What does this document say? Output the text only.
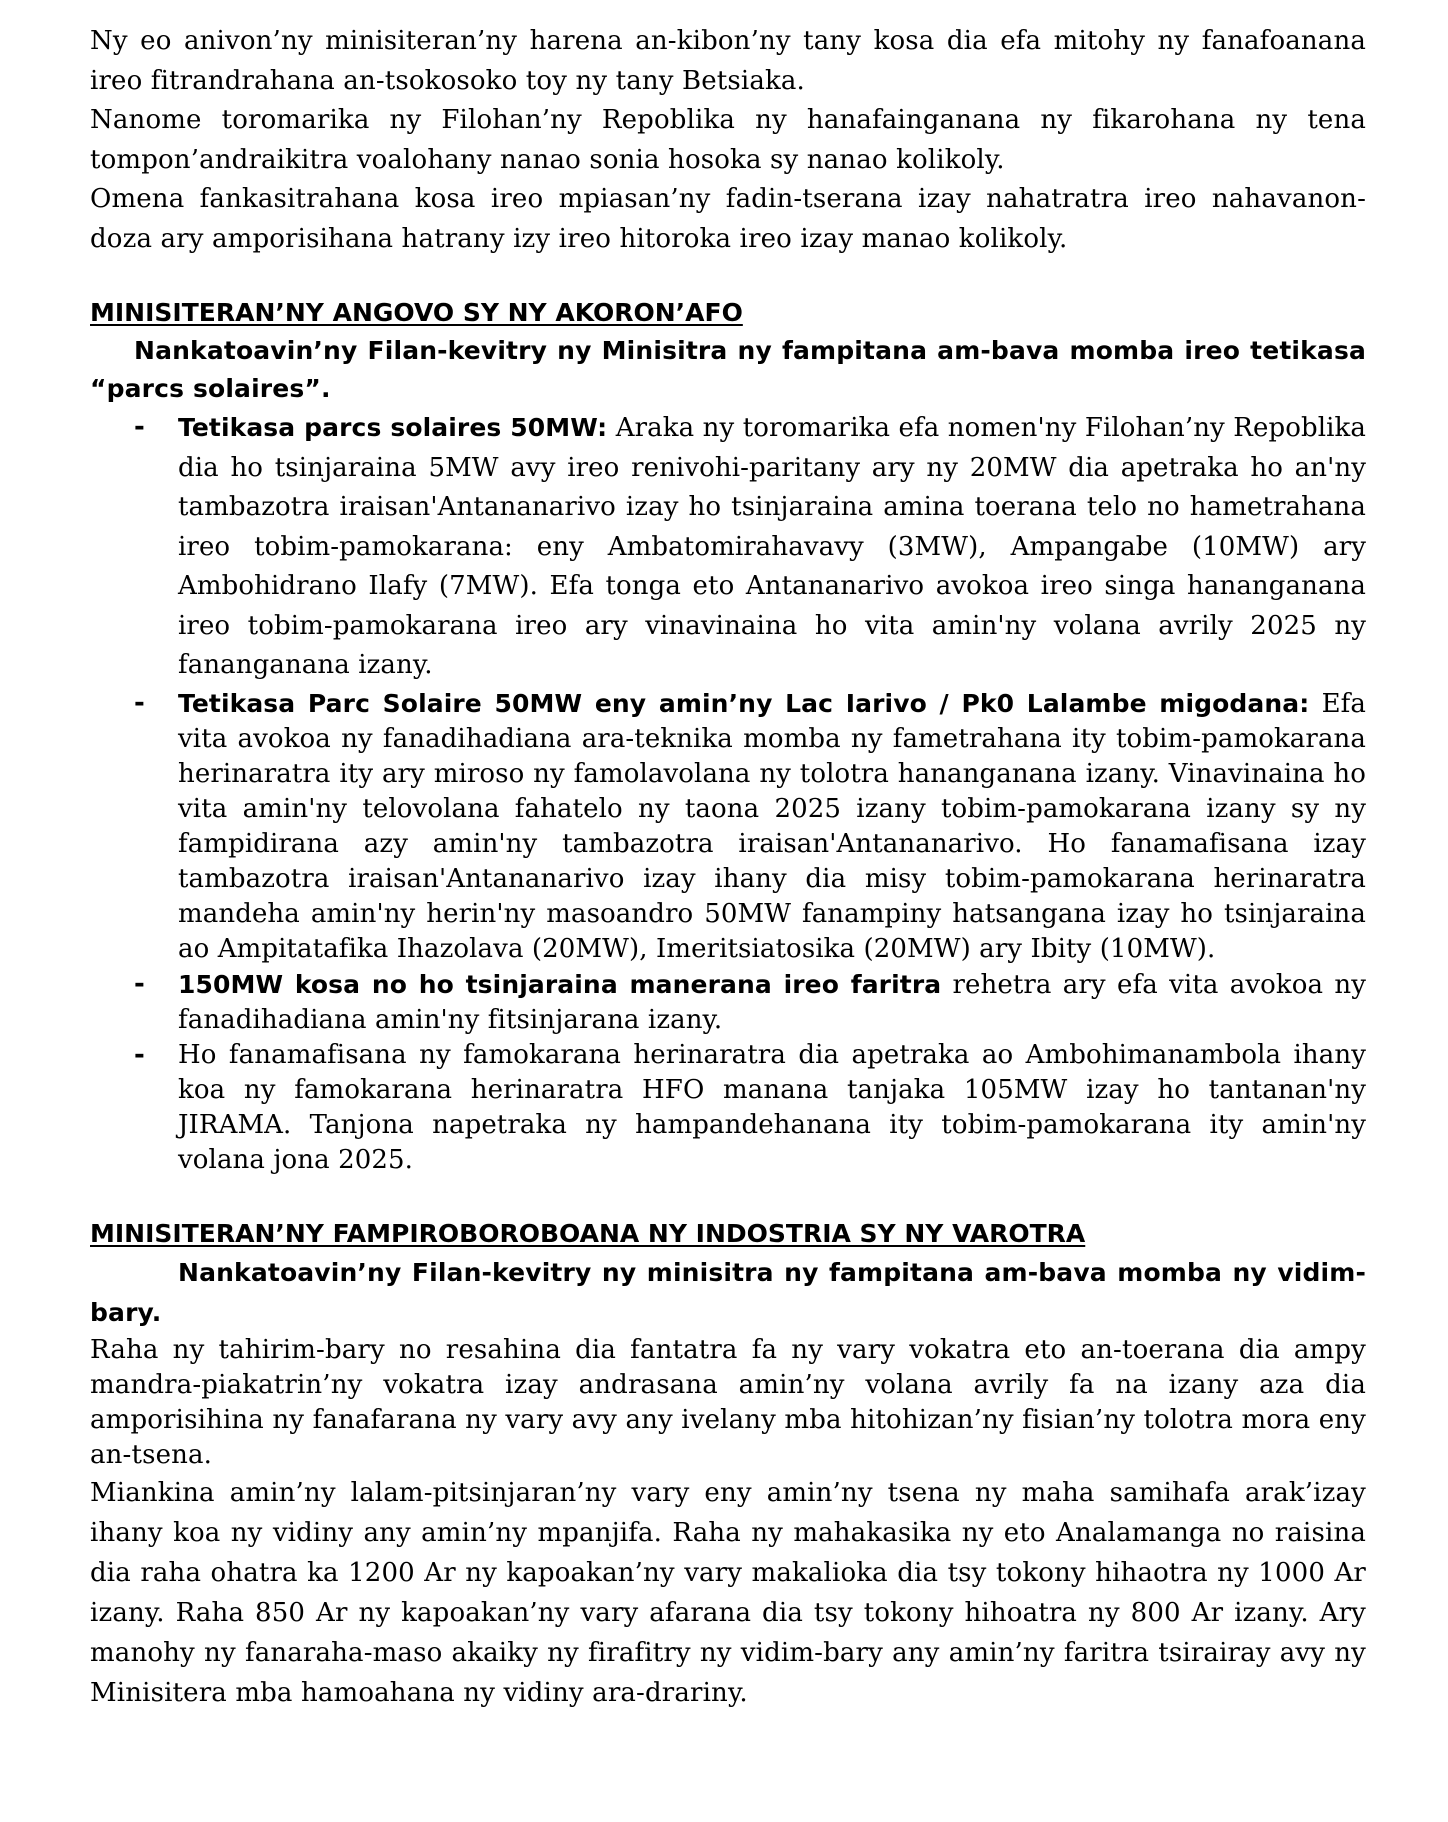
Ny eo anivon’ny minisiteran’ny harena an-kibon’ny tany kosa dia efa mitohy ny fanafoanana ireo fitrandrahana an-tsokosoko toy ny tany Betsiaka.

Nanome toromarika ny Filohan’ny Repoblika ny hanafainganana ny fikarohana ny tena tompon’andraikitra voalohany nanao sonia hosoka sy nanao kolikoly.

Omena fankasitrahana kosa ireo mpiasan’ny fadin-tserana izay nahatratra ireo nahavanon-doza ary amporisihana hatrany izy ireo hitoroka ireo izay manao kolikoly.

MINISITERAN’NY ANGOVO SY NY AKORON’AFO

Nankatoavin’ny Filan-kevitry ny Minisitra ny fampitana am-bava momba ireo tetikasa “parcs solaires”.

- Tetikasa parcs solaires 50MW: Araka ny toromarika efa nomen'ny Filohan’ny Repoblika dia ho tsinjaraina 5MW avy ireo renivohi-paritany ary ny 20MW dia apetraka ho an'ny tambazotra iraisan'Antananarivo izay ho tsinjaraina amina toerana telo no hametrahana ireo tobim-pamokarana: eny Ambatomirahavavy (3MW), Ampangabe (10MW) ary Ambohidrano Ilafy (7MW). Efa tonga eto Antananarivo avokoa ireo singa hananganana ireo tobim-pamokarana ireo ary vinavinaina ho vita amin'ny volana avrily 2025 ny fananganana izany.
- Tetikasa Parc Solaire 50MW eny amin’ny Lac Iarivo / Pk0 Lalambe migodana: Efa vita avokoa ny fanadihadiana ara-teknika momba ny fametrahana ity tobim-pamokarana herinaratra ity ary miroso ny famolavolana ny tolotra hananganana izany. Vinavinaina ho vita amin'ny telovolana fahatelo ny taona 2025 izany tobim-pamokarana izany sy ny fampidirana azy amin'ny tambazotra iraisan'Antananarivo. Ho fanamafisana izay tambazotra iraisan'Antananarivo izay ihany dia misy tobim-pamokarana herinaratra mandeha amin'ny herin'ny masoandro 50MW fanampiny hatsangana izay ho tsinjaraina ao Ampitatafika Ihazolava (20MW), Imeritsiatosika (20MW) ary Ibity (10MW).
- 150MW kosa no ho tsinjaraina manerana ireo faritra rehetra ary efa vita avokoa ny fanadihadiana amin'ny fitsinjarana izany.
- Ho fanamafisana ny famokarana herinaratra dia apetraka ao Ambohimanambola ihany koa ny famokarana herinaratra HFO manana tanjaka 105MW izay ho tantanan'ny JIRAMA. Tanjona napetraka ny hampandehanana ity tobim-pamokarana ity amin'ny volana jona 2025.
MINISITERAN’NY FAMPIROBOROBOANA NY INDOSTRIA SY NY VAROTRA

Nankatoavin’ny Filan-kevitry ny minisitra ny fampitana am-bava momba ny vidim-bary.

Raha ny tahirim-bary no resahina dia fantatra fa ny vary vokatra eto an-toerana dia ampy mandra-piakatrin’ny vokatra izay andrasana amin’ny volana avrily fa na izany aza dia amporisihina ny fanafarana ny vary avy any ivelany mba hitohizan’ny fisian’ny tolotra mora eny an-tsena.

Miankina amin’ny lalam-pitsinjaran’ny vary eny amin’ny tsena ny maha samihafa arak’izay ihany koa ny vidiny any amin’ny mpanjifa. Raha ny mahakasika ny eto Analamanga no raisina dia raha ohatra ka 1200 Ar ny kapoakan’ny vary makalioka dia tsy tokony hihaotra ny 1000 Ar izany. Raha 850 Ar ny kapoakan’ny vary afarana dia tsy tokony hihoatra ny 800 Ar izany. Ary manohy ny fanaraha-maso akaiky ny firafitry ny vidim-bary any amin’ny faritra tsirairay avy ny Minisitera mba hamoahana ny vidiny ara-drariny.
